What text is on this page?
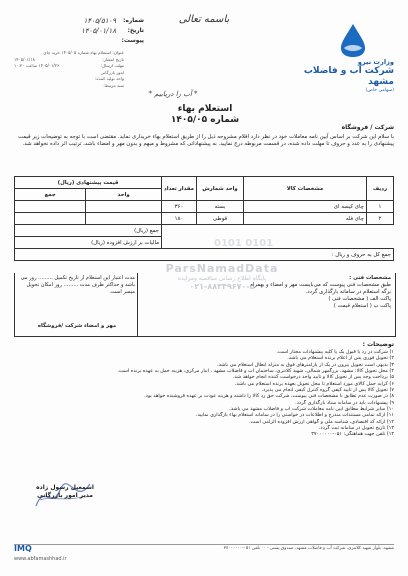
وزارت نیرو
شرکت آب و فاضلاب مشهد
(سهامی خاص)
باسمه تعالی
شماره:
۱۴۰۵/۵۱۰۹
تاریخ:
۱۴۰۵/۰۱/۱۸
پیوست:
عنوان: استعلام بهاء شماره ۱۴۰۵/۰۵ خرید چای
تاریخ انتشار:
۱۴۰۵/۰۱/۱۸
مهلت ارسال:
۱۴۰۵/۰۱/۲۶ ساعت ۱۰:۳۰
امور بازرگانی
واحد تولید کننده:
سند مرتبط:
* آب را دریابیم *
استعلام بهاء
شماره ۱۴۰۵/۰۵
شرکت / فروشگاه
با سلام این شرکت بر اساس آیین نامه معاملات خود در نظر دارد اقلام مشروحه ذیل را از طریق استعلام بهاء خریداری نماید. مقتضی است با توجه به توضیحات زیر قیمت پیشنهادی را به عدد و حروف تا مهلت داده شده، در قسمت مربوطه درج نمایید. به پیشنهاداتی که مشروط و مبهم و بدون مهر و امضاء باشد، ترتیب اثر داده نخواهد شد.
ردیف	مشخصات کالا	واحد شمارش	مقدار تعداد	قیمت پیشنهادی (ریال)	
				واحد	جمع
۱	چای کیسه ای	بسته	۳۶۰		
۲	چای فله	قوطی	۱۸۰		
				جمع (ریال)	
				مالیات بر ارزش افزوده (ریال)	
جمع کل به حروف و ریال :					
مشخصات فنی :
طبق مشخصات فنی پیوست که می‌بایست مهر و امضاء و بهمراه
برگه استعلام در سامانه بارگذاری گردد.
پاکت الف ( مشخصات فنی )
پاکت ب ( استعلام قیمت )
مدت اعتبار این استعلام از تاریخ تکمیل ......... روز می باشد و حداکثر ظرف مدت ......... روز امکان تحویل میسر است.
مهر و امضاء شرکت /فروشگاه
0101 0101
ParsNamadData
پایگاه اطلاع رسانی مناقصه ومزایده
۰۲۱-۸۸۳۴۹۶۷۰-۵
توضیحات :
۱) شرکت در رد یا قبول یک یا کلیه پیشنهادات مختار است.
۲) تحویل فوری پس از اعلام برنده استعلام می باشد.
۳) بدیهی است تحویل بیرون در یک از پارامترهای فوق به منزله ابطال استعلام می باشد.
۴) محل تحویل کالا: مشهد، بزرگمهر شمالی، شهید کلانتری، ساختمان آب و فاضلاب مشهد ، انبار مرکزی، هزینه حمل به عهده برنده است.
۵) پرداخت وجه پس از تحویل کالا و تأیید واحد درخواست کننده انجام خواهد شد.
۶) کرایه حمل کالای مورد استعلام تا محل تحویل بعهده برنده استعلام می باشد.
۷) تحویل کالا پس از تایید کیفی گروه کنترل کیفی انجام می پذیرد.
۸) در صورت عدم تطابق با مشخصات فنی پیوست، شرکت حق رد کالا را داشته و هزینه عودت بر عهده فروشنده خواهد بود.
۹) پیشنهادات باید در سامانه ستاد بارگذاری گردد.
۱۰) سایر شرایط مطابق آیین نامه معاملات شرکت آب و فاضلاب مشهد می باشد.
۱۱) ارائه تمامی مستندات مندرج و اطلاعات در خواستی را در سامانه استعلام بهاء بارگذاری نمایید.
۱۲) ارائه کد اقتصادی، شناسه ملی و گواهی ارزش افزوده الزامی است.
۱۳) تاریخ تحویل در سامانه ثبت گردد.
۱۴) تلفن جهت هماهنگی: ۰۵۱-۳۷۰۰۰۰۰۰
اسمعیل رسول زاده
مدیر امور بازرگانی
IMQ
www.abfamashhad.ir
مشهد، بلوار شهید کلانتری، شرکت آب و فاضلاب مشهد، صندوق پستی ۰۰۰ تلفن ۰۵۱-۳۷۰۰۰۰۰۰
